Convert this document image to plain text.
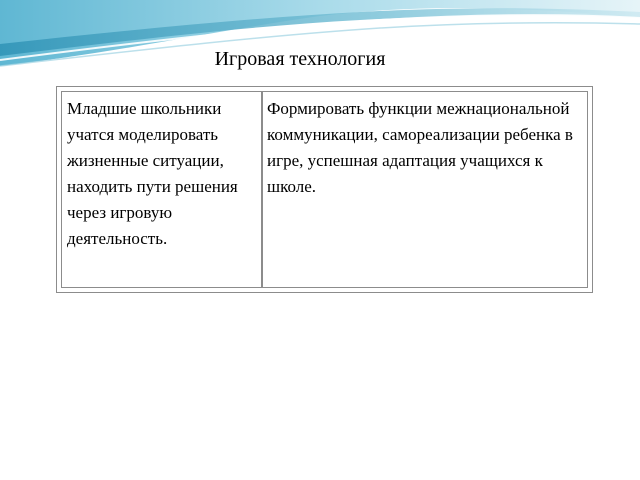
Игровая технология
Младшие школьники учатся моделировать жизненные ситуации, находить пути решения через игровую деятельность.
Формировать функции межнациональной коммуникации, самореализации ребенка в игре, успешная адаптация учащихся к школе.
